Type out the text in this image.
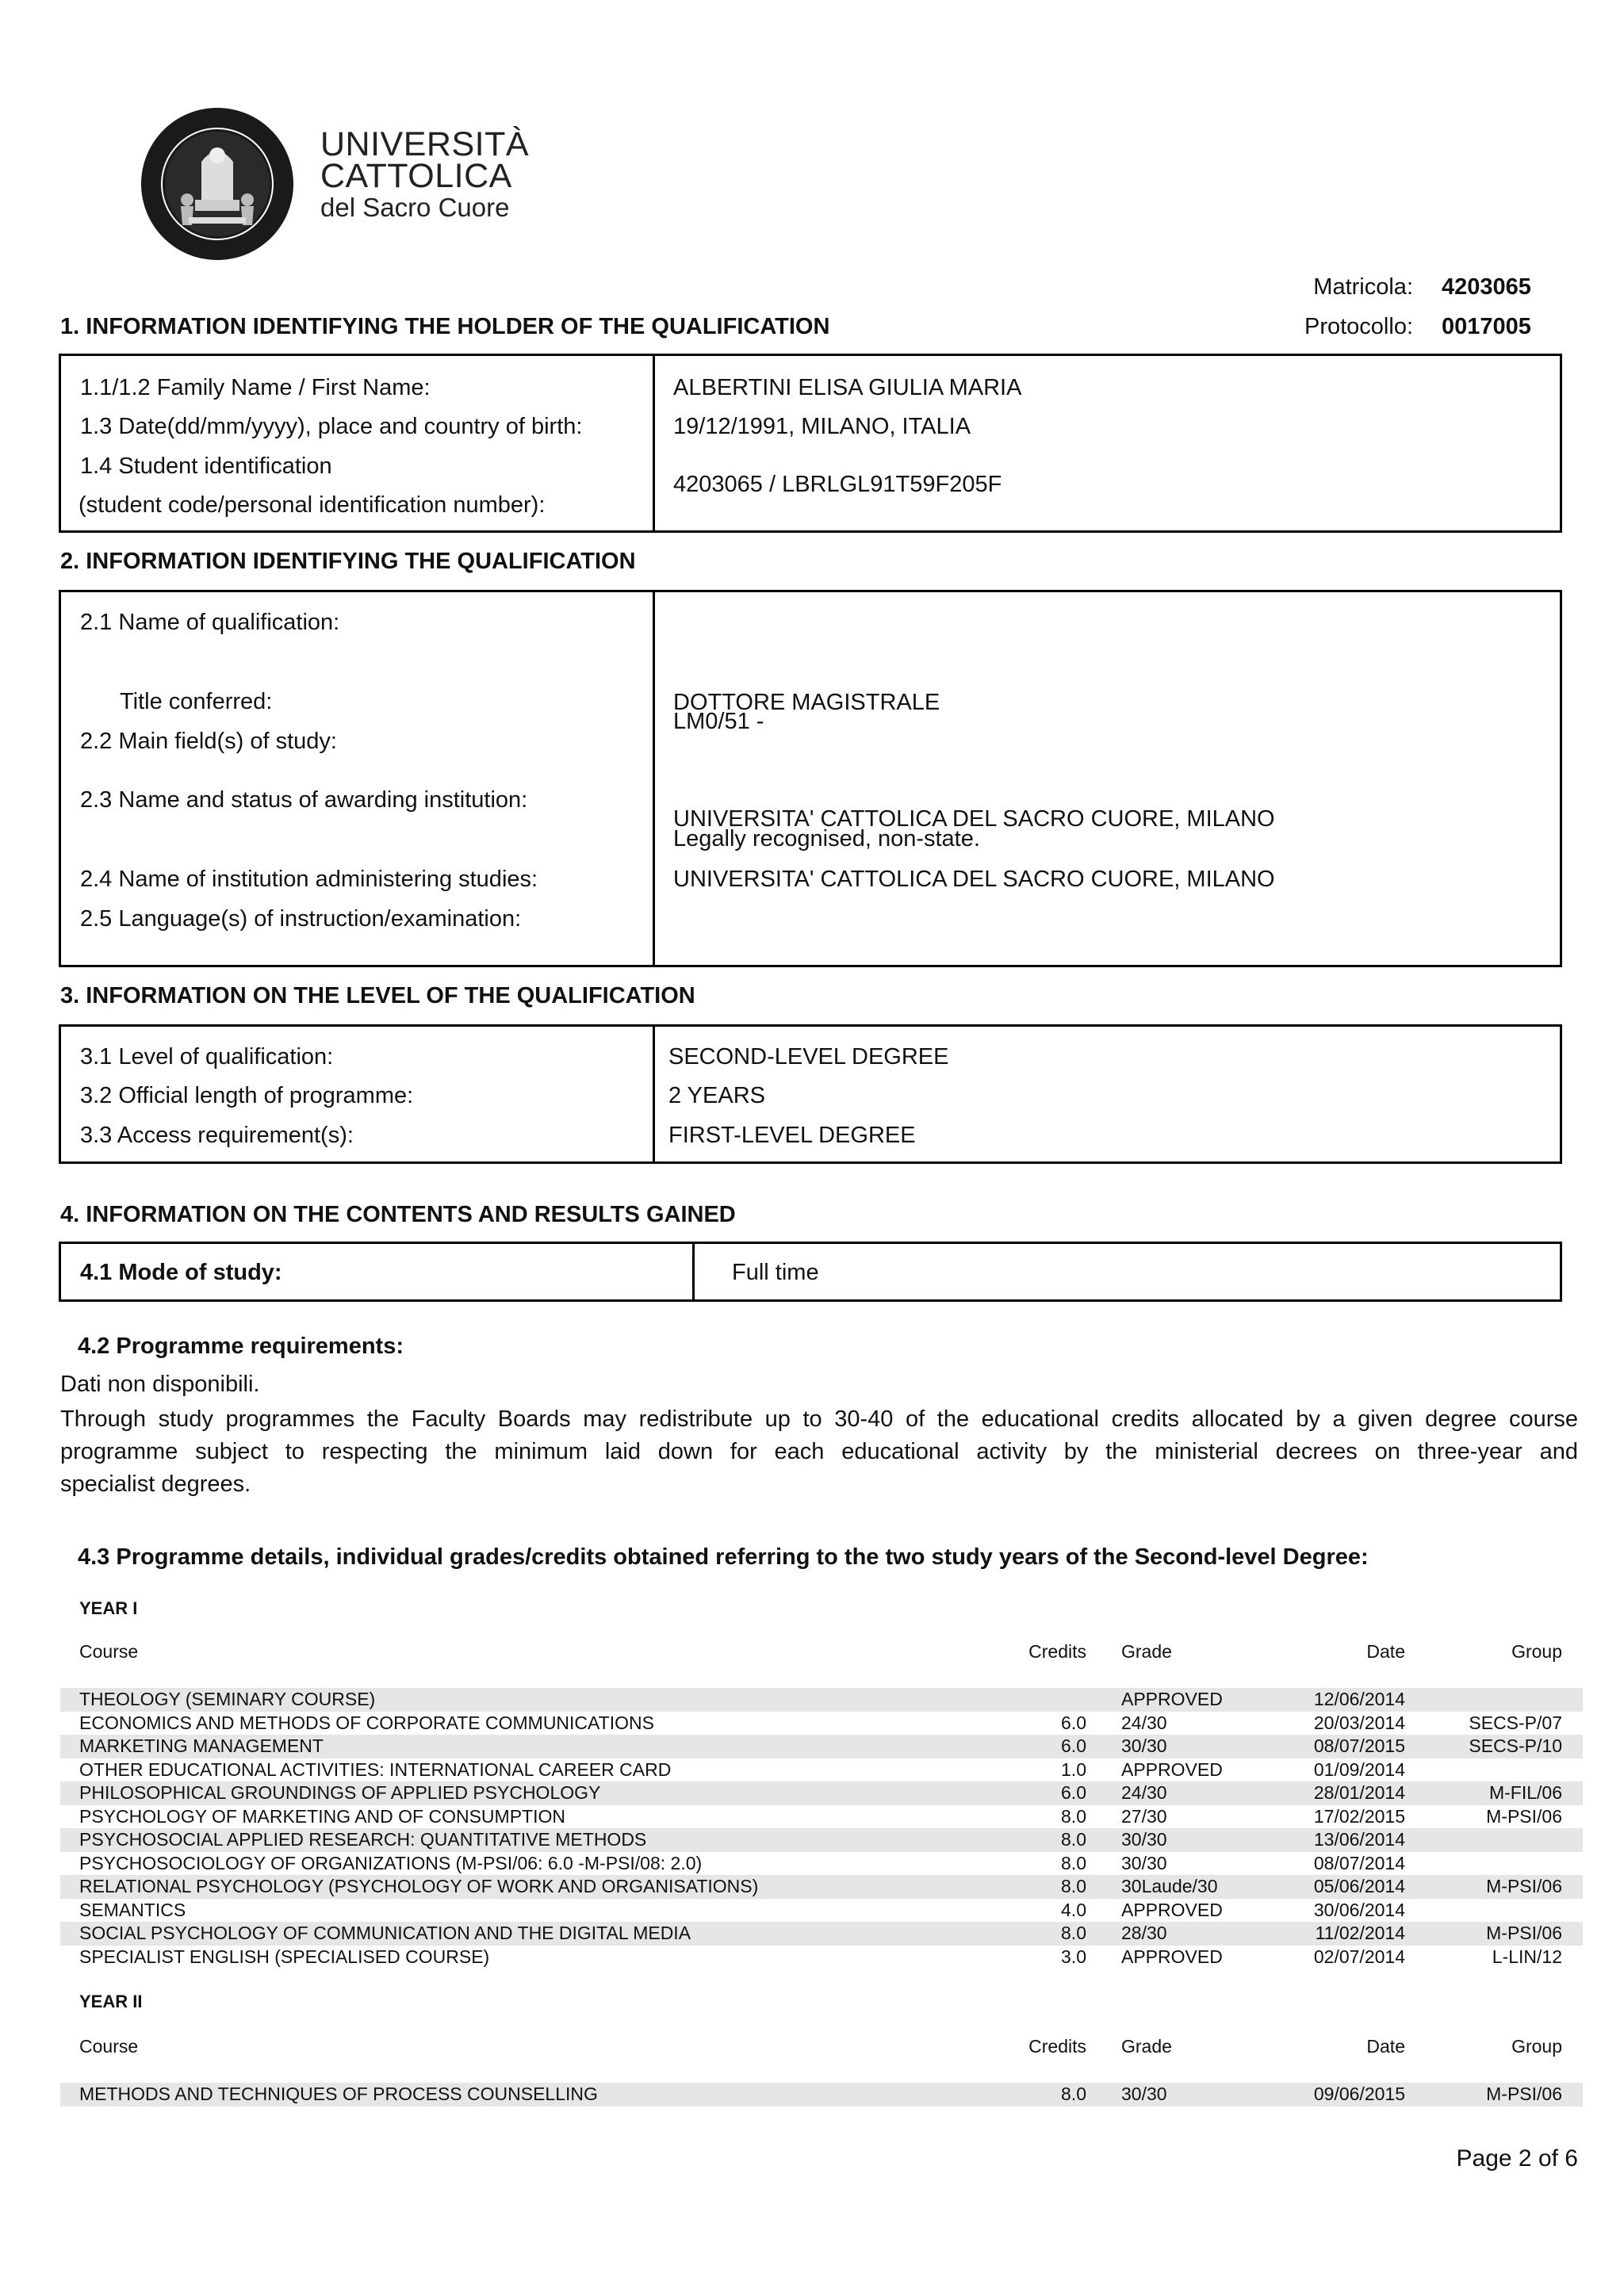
UNIVERSITÀ
CATTOLICA
del Sacro Cuore
Matricola: 4203065
Protocollo: 0017005
1. INFORMATION IDENTIFYING THE HOLDER OF THE QUALIFICATION
1.1/1.2 Family Name / First Name:	ALBERTINI ELISA GIULIA MARIA
1.3 Date(dd/mm/yyyy), place and country of birth:	19/12/1991, MILANO, ITALIA
1.4 Student identification
(student code/personal identification number):
4203065 / LBRLGL91T59F205F
2. INFORMATION IDENTIFYING THE QUALIFICATION
2.1 Name of qualification:
Title conferred:	DOTTORE MAGISTRALE
LM0/51 -
2.2 Main field(s) of study:
2.3 Name and status of awarding institution:
UNIVERSITA' CATTOLICA DEL SACRO CUORE, MILANO
Legally recognised, non-state.
2.4 Name of institution administering studies:	UNIVERSITA' CATTOLICA DEL SACRO CUORE, MILANO
2.5 Language(s) of instruction/examination:
3. INFORMATION ON THE LEVEL OF THE QUALIFICATION
3.1 Level of qualification:	SECOND-LEVEL DEGREE
3.2 Official length of programme:	2 YEARS
3.3 Access requirement(s):	FIRST-LEVEL DEGREE
4. INFORMATION ON THE CONTENTS AND RESULTS GAINED
4.1 Mode of study:	Full time
4.2 Programme requirements:
Dati non disponibili.
Through study programmes the Faculty Boards may redistribute up to 30-40 of the educational credits allocated by a given degree course programme subject to respecting the minimum laid down for each educational activity by the ministerial decrees on three-year and
specialist degrees.
4.3 Programme details, individual grades/credits obtained referring to the two study years of the Second-level Degree:
YEAR I
Course	Credits Grade	Date	Group
THEOLOGY (SEMINARY COURSE)	APPROVED	12/06/2014
ECONOMICS AND METHODS OF CORPORATE COMMUNICATIONS	6.0 24/30	20/03/2014	SECS-P/07
MARKETING MANAGEMENT	6.0 30/30	08/07/2015	SECS-P/10
OTHER EDUCATIONAL ACTIVITIES: INTERNATIONAL CAREER CARD	1.0 APPROVED	01/09/2014
PHILOSOPHICAL GROUNDINGS OF APPLIED PSYCHOLOGY	6.0 24/30	28/01/2014	M-FIL/06
PSYCHOLOGY OF MARKETING AND OF CONSUMPTION	8.0 27/30	17/02/2015	M-PSI/06
PSYCHOSOCIAL APPLIED RESEARCH: QUANTITATIVE METHODS	8.0 30/30	13/06/2014
PSYCHOSOCIOLOGY OF ORGANIZATIONS (M-PSI/06: 6.0 -M-PSI/08: 2.0)	8.0 30/30	08/07/2014
RELATIONAL PSYCHOLOGY (PSYCHOLOGY OF WORK AND ORGANISATIONS)	8.0 30Laude/30	05/06/2014	M-PSI/06
SEMANTICS	4.0 APPROVED	30/06/2014
SOCIAL PSYCHOLOGY OF COMMUNICATION AND THE DIGITAL MEDIA	8.0 28/30	11/02/2014	M-PSI/06
SPECIALIST ENGLISH (SPECIALISED COURSE)	3.0 APPROVED	02/07/2014	L-LIN/12
YEAR II
Course	Credits Grade	Date	Group
METHODS AND TECHNIQUES OF PROCESS COUNSELLING	8.0 30/30	09/06/2015	M-PSI/06
Page 2 of 6
